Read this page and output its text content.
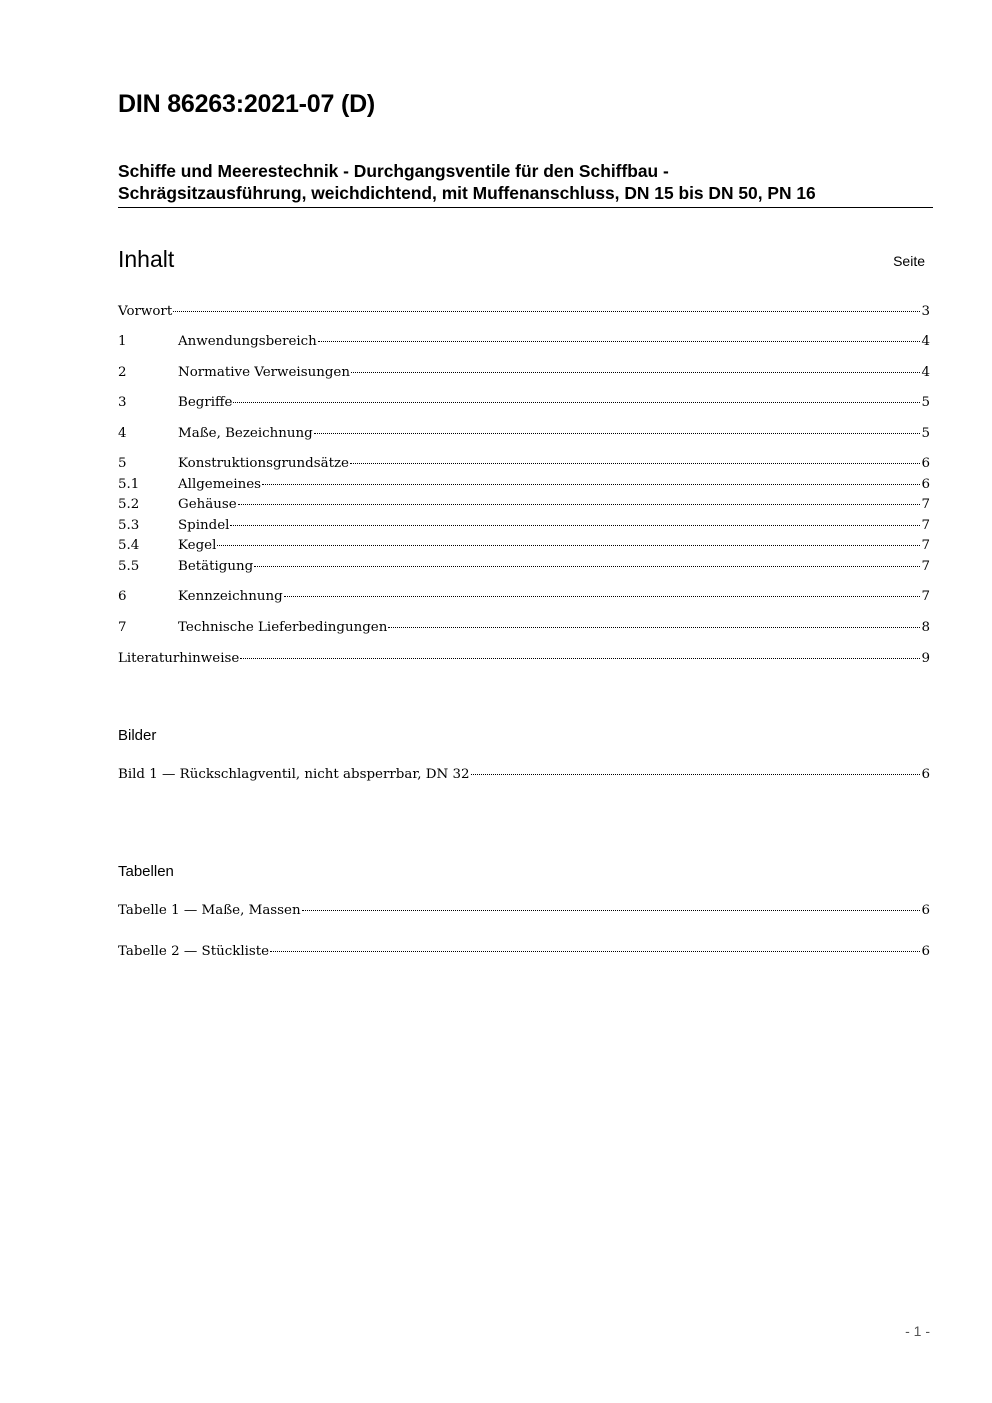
DIN 86263:2021-07 (D)
Schiffe und Meerestechnik - Durchgangsventile für den Schiffbau -
Schrägsitzausführung, weichdichtend, mit Muffenanschluss, DN 15 bis DN 50, PN 16
Inhalt	Seite
Vorwort	3
1	Anwendungsbereich	4
2	Normative Verweisungen	4
3	Begriffe	5
4	Maße, Bezeichnung	5
5	Konstruktionsgrundsätze	6
5.1	Allgemeines	6
5.2	Gehäuse	7
5.3	Spindel	7
5.4	Kegel	7
5.5	Betätigung	7
6	Kennzeichnung	7
7	Technische Lieferbedingungen	8
Literaturhinweise	9
Bilder
Bild 1 — Rückschlagventil, nicht absperrbar, DN 32	6
Tabellen
Tabelle 1 — Maße, Massen	6
Tabelle 2 — Stückliste	6
- 1 -
